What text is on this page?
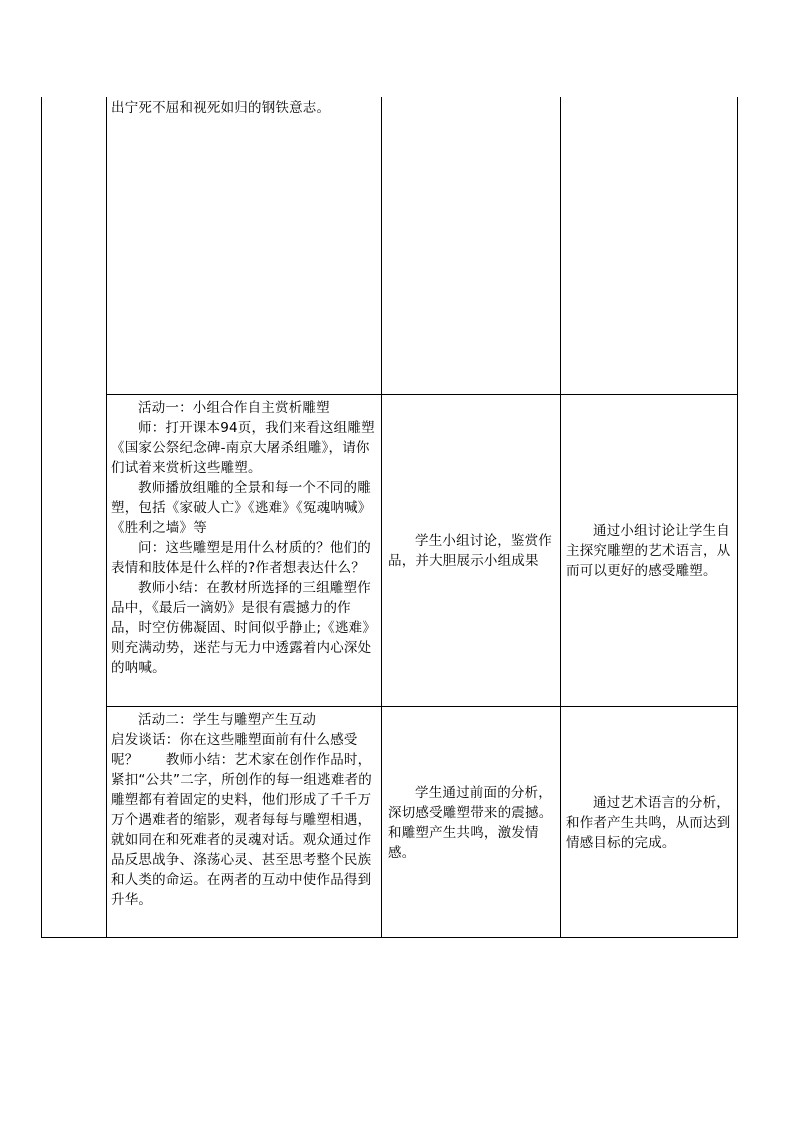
出宁死不屈和视死如归的钢铁意志。

活动一：小组合作自主赏析雕塑

师：打开课本94页，我们来看这组雕塑《国家公祭纪念碑-南京大屠杀组雕》，请你们试着来赏析这些雕塑。

教师播放组雕的全景和每一个不同的雕塑，包括《家破人亡》《逃难》《冤魂呐喊》《胜利之墙》等

问：这些雕塑是用什么材质的？他们的表情和肢体是什么样的?作者想表达什么？

教师小结：在教材所选择的三组雕塑作品中，《最后一滴奶》是很有震撼力的作品，时空仿佛凝固、时间似乎静止;《逃难》则充满动势，迷茫与无力中透露着内心深处的呐喊。

学生小组讨论，鉴赏作品，并大胆展示小组成果

通过小组讨论让学生自主探究雕塑的艺术语言，从而可以更好的感受雕塑。

活动二：学生与雕塑产生互动

启发谈话：你在这些雕塑面前有什么感受呢？　　教师小结：艺术家在创作作品时，紧扣“公共”二字，所创作的每一组逃难者的雕塑都有着固定的史料，他们形成了千千万万个遇难者的缩影，观者每每与雕塑相遇，就如同在和死难者的灵魂对话。观众通过作品反思战争、涤荡心灵、甚至思考整个民族和人类的命运。在两者的互动中使作品得到升华。

学生通过前面的分析，深切感受雕塑带来的震撼。和雕塑产生共鸣，激发情感。

通过艺术语言的分析，和作者产生共鸣，从而达到情感目标的完成。
